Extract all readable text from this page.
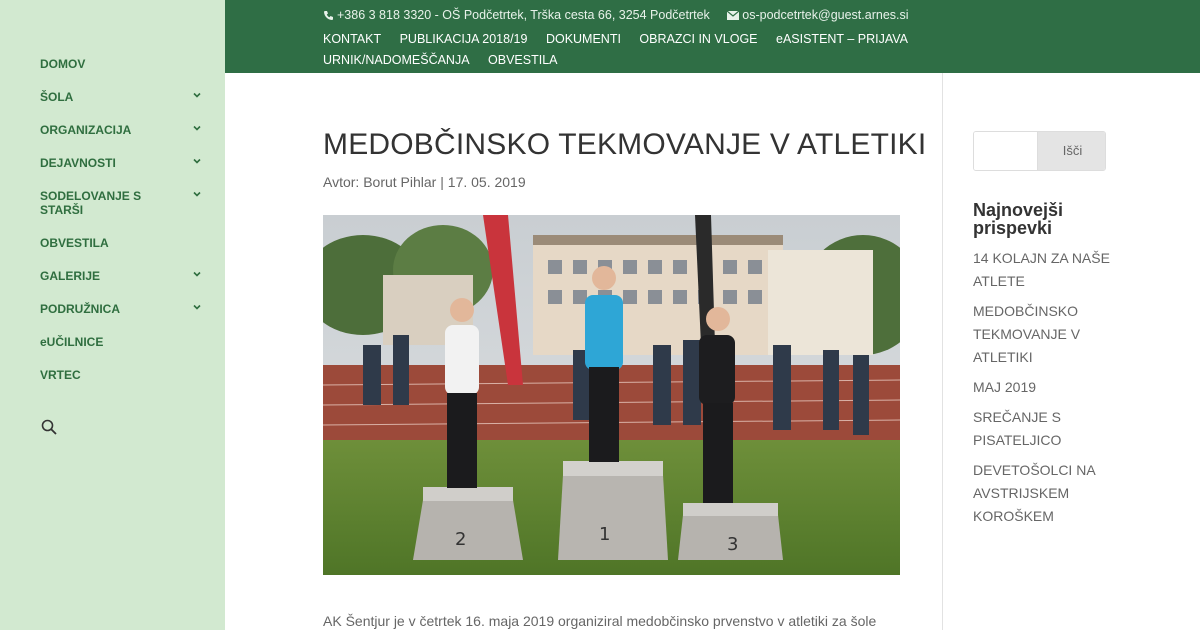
DOMOV
ŠOLA
ORGANIZACIJA
DEJAVNOSTI
SODELOVANJE S STARŠI
OBVESTILA
GALERIJE
PODRUŽNICA
eUČILNICE
VRTEC
+386 3 818 3320 - OŠ Podčetrtek, Trška cesta 66, 3254 Podčetrtek	os-podcetrtek@guest.arnes.si
KONTAKT PUBLIKACIJA 2018/19 DOKUMENTI OBRAZCI IN VLOGE eASISTENT – PRIJAVA URNIK/NADOMEŠČANJA OBVESTILA
MEDOBČINSKO TEKMOVANJE V ATLETIKI
Avtor: Borut Pihlar | 17. 05. 2019
2	1	3

AK Šentjur je v četrtek 16. maja 2019 organiziral medobčinsko prvenstvo v atletiki za šole

Išči
Najnovejši prispevki
14 KOLAJN ZA NAŠE ATLETE
MEDOBČINSKO TEKMOVANJE V ATLETIKI
MAJ 2019
SREČANJE S PISATELJICO
DEVETOŠOLCI NA AVSTRIJSKEM KOROŠKEM
